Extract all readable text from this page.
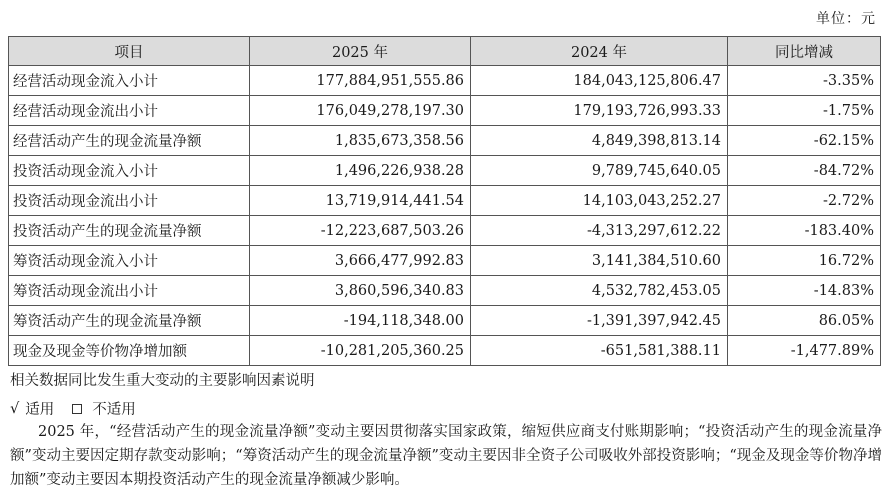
单位：元
项目	2025 年	2024 年	同比增减
经营活动现金流入小计	177,884,951,555.86	184,043,125,806.47	-3.35%
经营活动现金流出小计	176,049,278,197.30	179,193,726,993.33	-1.75%
经营活动产生的现金流量净额	1,835,673,358.56	4,849,398,813.14	-62.15%
投资活动现金流入小计	1,496,226,938.28	9,789,745,640.05	-84.72%
投资活动现金流出小计	13,719,914,441.54	14,103,043,252.27	-2.72%
投资活动产生的现金流量净额	-12,223,687,503.26	-4,313,297,612.22	-183.40%
筹资活动现金流入小计	3,666,477,992.83	3,141,384,510.60	16.72%
筹资活动现金流出小计	3,860,596,340.83	4,532,782,453.05	-14.83%
筹资活动产生的现金流量净额	-194,118,348.00	-1,391,397,942.45	86.05%
现金及现金等价物净增加额	-10,281,205,360.25	-651,581,388.11	-1,477.89%
相关数据同比发生重大变动的主要影响因素说明
√ 适用	不适用
2025 年，“经营活动产生的现金流量净额”变动主要因贯彻落实国家政策，缩短供应商支付账期影响；“投资活动产生的现金流量净额”变动主要因定期存款变动影响；“筹资活动产生的现金流量净额”变动主要因非全资子公司吸收外部投资影响；“现金及现金等价物净增加额”变动主要因本期投资活动产生的现金流量净额减少影响。
